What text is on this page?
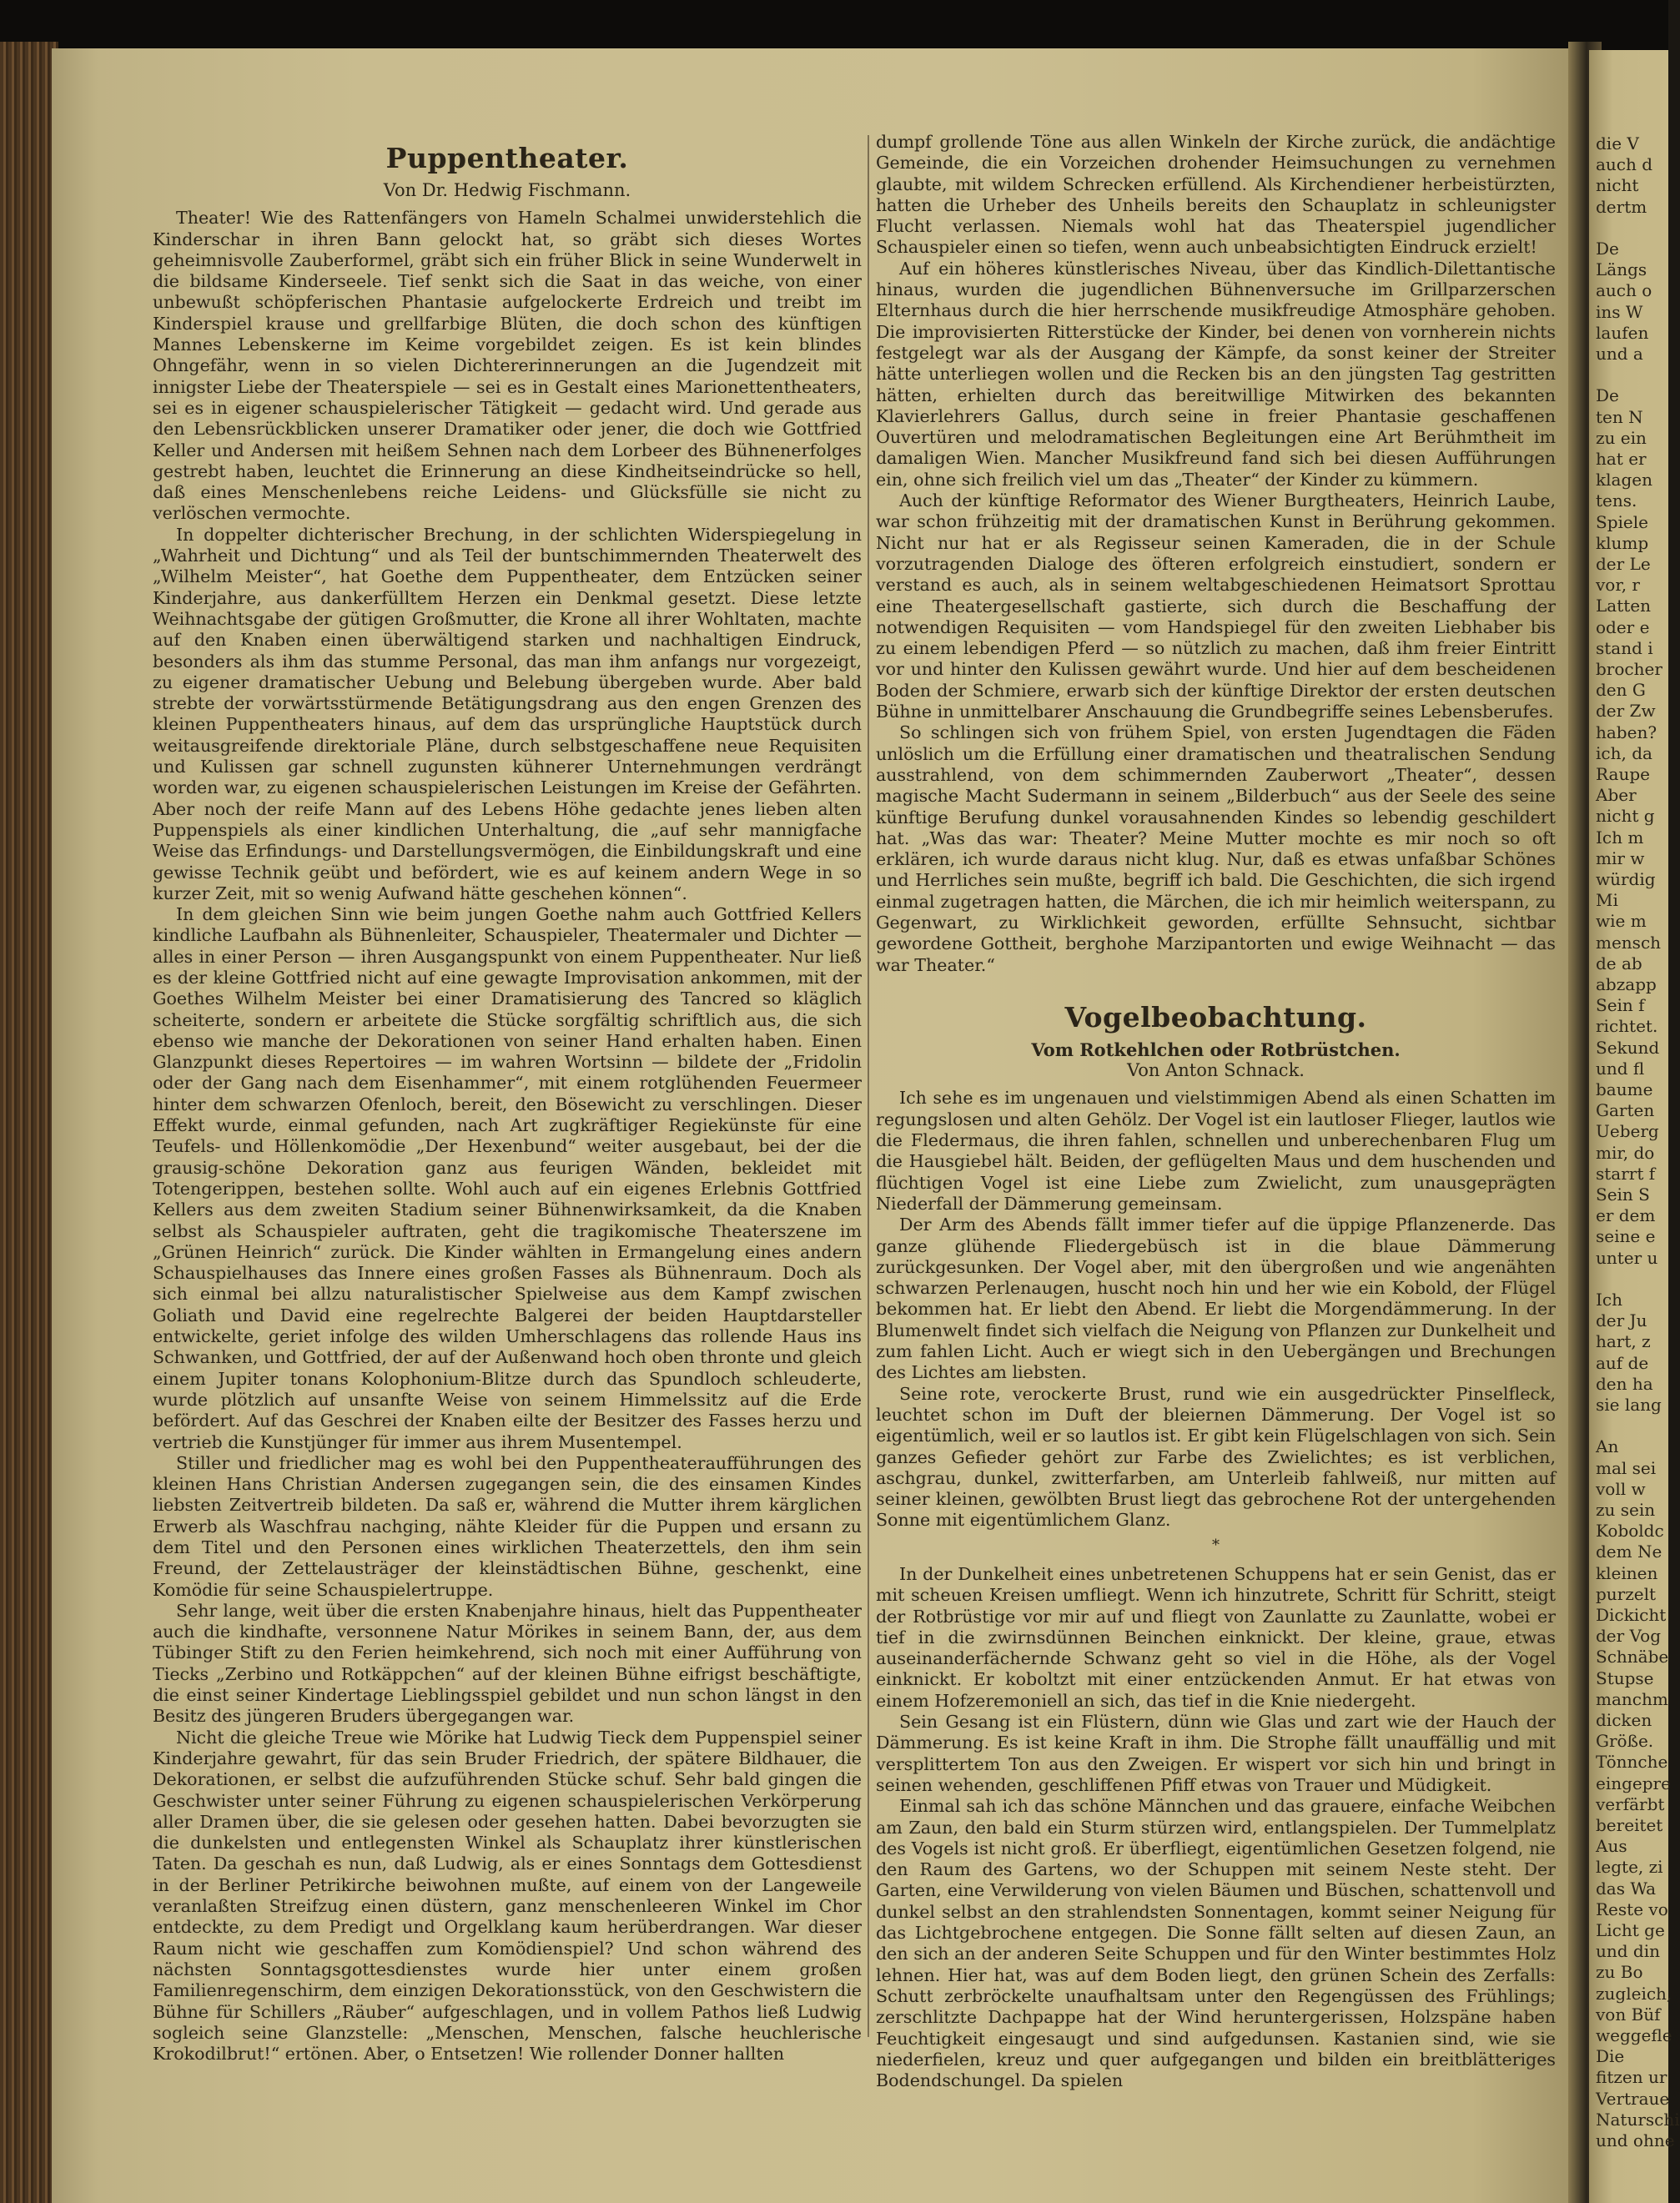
Puppentheater.
Von Dr. Hedwig Fischmann.

Theater! Wie des Rattenfängers von Hameln Schalmei unwiderstehlich die Kinderschar in ihren Bann gelockt hat, so gräbt sich dieses Wortes geheimnisvolle Zauberformel, gräbt sich ein früher Blick in seine Wunderwelt in die bildsame Kinderseele. Tief senkt sich die Saat in das weiche, von einer unbewußt schöpferischen Phantasie aufgelockerte Erdreich und treibt im Kinderspiel krause und grellfarbige Blüten, die doch schon des künftigen Mannes Lebenskerne im Keime vorgebildet zeigen. Es ist kein blindes Ohngefähr, wenn in so vielen Dichtererinnerungen an die Jugendzeit mit innigster Liebe der Theaterspiele — sei es in Gestalt eines Marionettentheaters, sei es in eigener schauspielerischer Tätigkeit — gedacht wird. Und gerade aus den Lebensrückblicken unserer Dramatiker oder jener, die doch wie Gottfried Keller und Andersen mit heißem Sehnen nach dem Lorbeer des Bühnenerfolges gestrebt haben, leuchtet die Erinnerung an diese Kindheitseindrücke so hell, daß eines Menschenlebens reiche Leidens- und Glücksfülle sie nicht zu verlöschen vermochte.

In doppelter dichterischer Brechung, in der schlichten Widerspiegelung in „Wahrheit und Dichtung“ und als Teil der buntschimmernden Theaterwelt des „Wilhelm Meister“, hat Goethe dem Puppentheater, dem Entzücken seiner Kinderjahre, aus dankerfülltem Herzen ein Denkmal gesetzt. Diese letzte Weihnachtsgabe der gütigen Großmutter, die Krone all ihrer Wohltaten, machte auf den Knaben einen überwältigend starken und nachhaltigen Eindruck, besonders als ihm das stumme Personal, das man ihm anfangs nur vorgezeigt, zu eigener dramatischer Uebung und Belebung übergeben wurde. Aber bald strebte der vorwärtsstürmende Betätigungsdrang aus den engen Grenzen des kleinen Puppentheaters hinaus, auf dem das ursprüngliche Hauptstück durch weitausgreifende direktoriale Pläne, durch selbstgeschaffene neue Requisiten und Kulissen gar schnell zugunsten kühnerer Unternehmungen verdrängt worden war, zu eigenen schauspielerischen Leistungen im Kreise der Gefährten. Aber noch der reife Mann auf des Lebens Höhe gedachte jenes lieben alten Puppenspiels als einer kindlichen Unterhaltung, die „auf sehr mannigfache Weise das Erfindungs- und Darstellungsvermögen, die Einbildungskraft und eine gewisse Technik geübt und befördert, wie es auf keinem andern Wege in so kurzer Zeit, mit so wenig Aufwand hätte geschehen können“.

In dem gleichen Sinn wie beim jungen Goethe nahm auch Gottfried Kellers kindliche Laufbahn als Bühnenleiter, Schauspieler, Theatermaler und Dichter — alles in einer Person — ihren Ausgangspunkt von einem Puppentheater. Nur ließ es der kleine Gottfried nicht auf eine gewagte Improvisation ankommen, mit der Goethes Wilhelm Meister bei einer Dramatisierung des Tancred so kläglich scheiterte, sondern er arbeitete die Stücke sorgfältig schriftlich aus, die sich ebenso wie manche der Dekorationen von seiner Hand erhalten haben. Einen Glanzpunkt dieses Repertoires — im wahren Wortsinn — bildete der „Fridolin oder der Gang nach dem Eisenhammer“, mit einem rotglühenden Feuermeer hinter dem schwarzen Ofenloch, bereit, den Bösewicht zu verschlingen. Dieser Effekt wurde, einmal gefunden, nach Art zugkräftiger Regiekünste für eine Teufels- und Höllenkomödie „Der Hexenbund“ weiter ausgebaut, bei der die grausig-schöne Dekoration ganz aus feurigen Wänden, bekleidet mit Totengerippen, bestehen sollte. Wohl auch auf ein eigenes Erlebnis Gottfried Kellers aus dem zweiten Stadium seiner Bühnenwirksamkeit, da die Knaben selbst als Schauspieler auftraten, geht die tragikomische Theaterszene im „Grünen Heinrich“ zurück. Die Kinder wählten in Ermangelung eines andern Schauspielhauses das Innere eines großen Fasses als Bühnenraum. Doch als sich einmal bei allzu naturalistischer Spielweise aus dem Kampf zwischen Goliath und David eine regelrechte Balgerei der beiden Hauptdarsteller entwickelte, geriet infolge des wilden Umherschlagens das rollende Haus ins Schwanken, und Gottfried, der auf der Außenwand hoch oben thronte und gleich einem Jupiter tonans Kolophonium-Blitze durch das Spundloch schleuderte, wurde plötzlich auf unsanfte Weise von seinem Himmelssitz auf die Erde befördert. Auf das Geschrei der Knaben eilte der Besitzer des Fasses herzu und vertrieb die Kunstjünger für immer aus ihrem Musentempel.

Stiller und friedlicher mag es wohl bei den Puppentheateraufführungen des kleinen Hans Christian Andersen zugegangen sein, die des einsamen Kindes liebsten Zeitvertreib bildeten. Da saß er, während die Mutter ihrem kärglichen Erwerb als Waschfrau nachging, nähte Kleider für die Puppen und ersann zu dem Titel und den Personen eines wirklichen Theaterzettels, den ihm sein Freund, der Zettelausträger der kleinstädtischen Bühne, geschenkt, eine Komödie für seine Schauspielertruppe.

Sehr lange, weit über die ersten Knabenjahre hinaus, hielt das Puppentheater auch die kindhafte, versonnene Natur Mörikes in seinem Bann, der, aus dem Tübinger Stift zu den Ferien heimkehrend, sich noch mit einer Aufführung von Tiecks „Zerbino und Rotkäppchen“ auf der kleinen Bühne eifrigst beschäftigte, die einst seiner Kindertage Lieblingsspiel gebildet und nun schon längst in den Besitz des jüngeren Bruders übergegangen war.

Nicht die gleiche Treue wie Mörike hat Ludwig Tieck dem Puppenspiel seiner Kinderjahre gewahrt, für das sein Bruder Friedrich, der spätere Bildhauer, die Dekorationen, er selbst die aufzuführenden Stücke schuf. Sehr bald gingen die Geschwister unter seiner Führung zu eigenen schauspielerischen Verkörperung aller Dramen über, die sie gelesen oder gesehen hatten. Dabei bevorzugten sie die dunkelsten und entlegensten Winkel als Schauplatz ihrer künstlerischen Taten. Da geschah es nun, daß Ludwig, als er eines Sonntags dem Gottesdienst in der Berliner Petrikirche beiwohnen mußte, auf einem von der Langeweile veranlaßten Streifzug einen düstern, ganz menschenleeren Winkel im Chor entdeckte, zu dem Predigt und Orgelklang kaum herüberdrangen. War dieser Raum nicht wie geschaffen zum Komödienspiel? Und schon während des nächsten Sonntagsgottesdienstes wurde hier unter einem großen Familienregenschirm, dem einzigen Dekorationsstück, von den Geschwistern die Bühne für Schillers „Räuber“ aufgeschlagen, und in vollem Pathos ließ Ludwig sogleich seine Glanzstelle: „Menschen, Menschen, falsche heuchlerische Krokodilbrut!“ ertönen. Aber, o Entsetzen! Wie rollender Donner hallten

dumpf grollende Töne aus allen Winkeln der Kirche zurück, die andächtige Gemeinde, die ein Vorzeichen drohender Heimsuchungen zu vernehmen glaubte, mit wildem Schrecken erfüllend. Als Kirchendiener herbeistürzten, hatten die Urheber des Unheils bereits den Schauplatz in schleunigster Flucht verlassen. Niemals wohl hat das Theaterspiel jugendlicher Schauspieler einen so tiefen, wenn auch unbeabsichtigten Eindruck erzielt!

Auf ein höheres künstlerisches Niveau, über das Kindlich-Dilettantische hinaus, wurden die jugendlichen Bühnenversuche im Grillparzerschen Elternhaus durch die hier herrschende musikfreudige Atmosphäre gehoben. Die improvisierten Ritterstücke der Kinder, bei denen von vornherein nichts festgelegt war als der Ausgang der Kämpfe, da sonst keiner der Streiter hätte unterliegen wollen und die Recken bis an den jüngsten Tag gestritten hätten, erhielten durch das bereitwillige Mitwirken des bekannten Klavierlehrers Gallus, durch seine in freier Phantasie geschaffenen Ouvertüren und melodramatischen Begleitungen eine Art Berühmtheit im damaligen Wien. Mancher Musikfreund fand sich bei diesen Aufführungen ein, ohne sich freilich viel um das „Theater“ der Kinder zu kümmern.

Auch der künftige Reformator des Wiener Burgtheaters, Heinrich Laube, war schon frühzeitig mit der dramatischen Kunst in Berührung gekommen. Nicht nur hat er als Regisseur seinen Kameraden, die in der Schule vorzutragenden Dialoge des öfteren erfolgreich einstudiert, sondern er verstand es auch, als in seinem weltabgeschiedenen Heimatsort Sprottau eine Theatergesellschaft gastierte, sich durch die Beschaffung der notwendigen Requisiten — vom Handspiegel für den zweiten Liebhaber bis zu einem lebendigen Pferd — so nützlich zu machen, daß ihm freier Eintritt vor und hinter den Kulissen gewährt wurde. Und hier auf dem bescheidenen Boden der Schmiere, erwarb sich der künftige Direktor der ersten deutschen Bühne in unmittelbarer Anschauung die Grundbegriffe seines Lebensberufes.

So schlingen sich von frühem Spiel, von ersten Jugendtagen die Fäden unlöslich um die Erfüllung einer dramatischen und theatralischen Sendung ausstrahlend, von dem schimmernden Zauberwort „Theater“, dessen magische Macht Sudermann in seinem „Bilderbuch“ aus der Seele des seine künftige Berufung dunkel vorausahnenden Kindes so lebendig geschildert hat. „Was das war: Theater? Meine Mutter mochte es mir noch so oft erklären, ich wurde daraus nicht klug. Nur, daß es etwas unfaßbar Schönes und Herrliches sein mußte, begriff ich bald. Die Geschichten, die sich irgend einmal zugetragen hatten, die Märchen, die ich mir heimlich weiterspann, zu Gegenwart, zu Wirklichkeit geworden, erfüllte Sehnsucht, sichtbar gewordene Gottheit, berghohe Marzipantorten und ewige Weihnacht — das war Theater.“

Vogelbeobachtung.
Vom Rotkehlchen oder Rotbrüstchen.
Von Anton Schnack.

Ich sehe es im ungenauen und vielstimmigen Abend als einen Schatten im regungslosen und alten Gehölz. Der Vogel ist ein lautloser Flieger, lautlos wie die Fledermaus, die ihren fahlen, schnellen und unberechenbaren Flug um die Hausgiebel hält. Beiden, der geflügelten Maus und dem huschenden und flüchtigen Vogel ist eine Liebe zum Zwielicht, zum unausgeprägten Niederfall der Dämmerung gemeinsam.

Der Arm des Abends fällt immer tiefer auf die üppige Pflanzenerde. Das ganze glühende Fliedergebüsch ist in die blaue Dämmerung zurückgesunken. Der Vogel aber, mit den übergroßen und wie angenähten schwarzen Perlenaugen, huscht noch hin und her wie ein Kobold, der Flügel bekommen hat. Er liebt den Abend. Er liebt die Morgendämmerung. In der Blumenwelt findet sich vielfach die Neigung von Pflanzen zur Dunkelheit und zum fahlen Licht. Auch er wiegt sich in den Uebergängen und Brechungen des Lichtes am liebsten.

Seine rote, verockerte Brust, rund wie ein ausgedrückter Pinselfleck, leuchtet schon im Duft der bleiernen Dämmerung. Der Vogel ist so eigentümlich, weil er so lautlos ist. Er gibt kein Flügelschlagen von sich. Sein ganzes Gefieder gehört zur Farbe des Zwielichtes; es ist verblichen, aschgrau, dunkel, zwitterfarben, am Unterleib fahlweiß, nur mitten auf seiner kleinen, gewölbten Brust liegt das gebrochene Rot der untergehenden Sonne mit eigentümlichem Glanz.

*

In der Dunkelheit eines unbetretenen Schuppens hat er sein Genist, das er mit scheuen Kreisen umfliegt. Wenn ich hinzutrete, Schritt für Schritt, steigt der Rotbrüstige vor mir auf und fliegt von Zaunlatte zu Zaunlatte, wobei er tief in die zwirnsdünnen Beinchen einknickt. Der kleine, graue, etwas auseinanderfächernde Schwanz geht so viel in die Höhe, als der Vogel einknickt. Er koboltzt mit einer entzückenden Anmut. Er hat etwas von einem Hofzeremoniell an sich, das tief in die Knie niedergeht.

Sein Gesang ist ein Flüstern, dünn wie Glas und zart wie der Hauch der Dämmerung. Es ist keine Kraft in ihm. Die Strophe fällt unauffällig und mit versplittertem Ton aus den Zweigen. Er wispert vor sich hin und bringt in seinen wehenden, geschliffenen Pfiff etwas von Trauer und Müdigkeit.

Einmal sah ich das schöne Männchen und das grauere, einfache Weibchen am Zaun, den bald ein Sturm stürzen wird, entlangspielen. Der Tummelplatz des Vogels ist nicht groß. Er überfliegt, eigentümlichen Gesetzen folgend, nie den Raum des Gartens, wo der Schuppen mit seinem Neste steht. Der Garten, eine Verwilderung von vielen Bäumen und Büschen, schattenvoll und dunkel selbst an den strahlendsten Sonnentagen, kommt seiner Neigung für das Lichtgebrochene entgegen. Die Sonne fällt selten auf diesen Zaun, an den sich an der anderen Seite Schuppen und für den Winter bestimmtes Holz lehnen. Hier hat, was auf dem Boden liegt, den grünen Schein des Zerfalls: Schutt zerbröckelte unaufhaltsam unter den Regengüssen des Frühlings; zerschlitzte Dachpappe hat der Wind heruntergerissen, Holzspäne haben Feuchtigkeit eingesaugt und sind aufgedunsen. Kastanien sind, wie sie niederfielen, kreuz und quer aufgegangen und bilden ein breitblätteriges Bodendschungel. Da spielen

die V
auch d
nicht
dertm
De
Längs
auch o
ins W
laufen
und a
De
ten N
zu ein
hat er
klagen
tens.
Spiele
klump
der Le
vor, r
Latten
oder e
stand i
brocher
den G
der Zw
haben?
ich, da
Raupe
Aber
nicht g
Ich m
mir w
würdig
Mi
wie m
mensch
de ab
abzapp
Sein f
richtet.
Sekund
und fl
baume
Garten
Ueberg
mir, do
starrt f
Sein S
er dem
seine e
unter u
Ich
der Ju
hart, z
auf de
den ha
sie lang
An
mal sei
voll w
zu sein
Koboldc
dem Ne
kleinen
purzelt
Dickicht
der Vog
Schnäbe
Stupse
manchm
dicken
Größe.
Tönnche
eingepre
verfärbt
bereitet
Aus
legte, zi
das Wa
Reste vo
Licht ge
und din
zu Bo
zugleich,
von Büf
weggefle
Die
fitzen ur
Vertraue
Naturschi
und ohne
